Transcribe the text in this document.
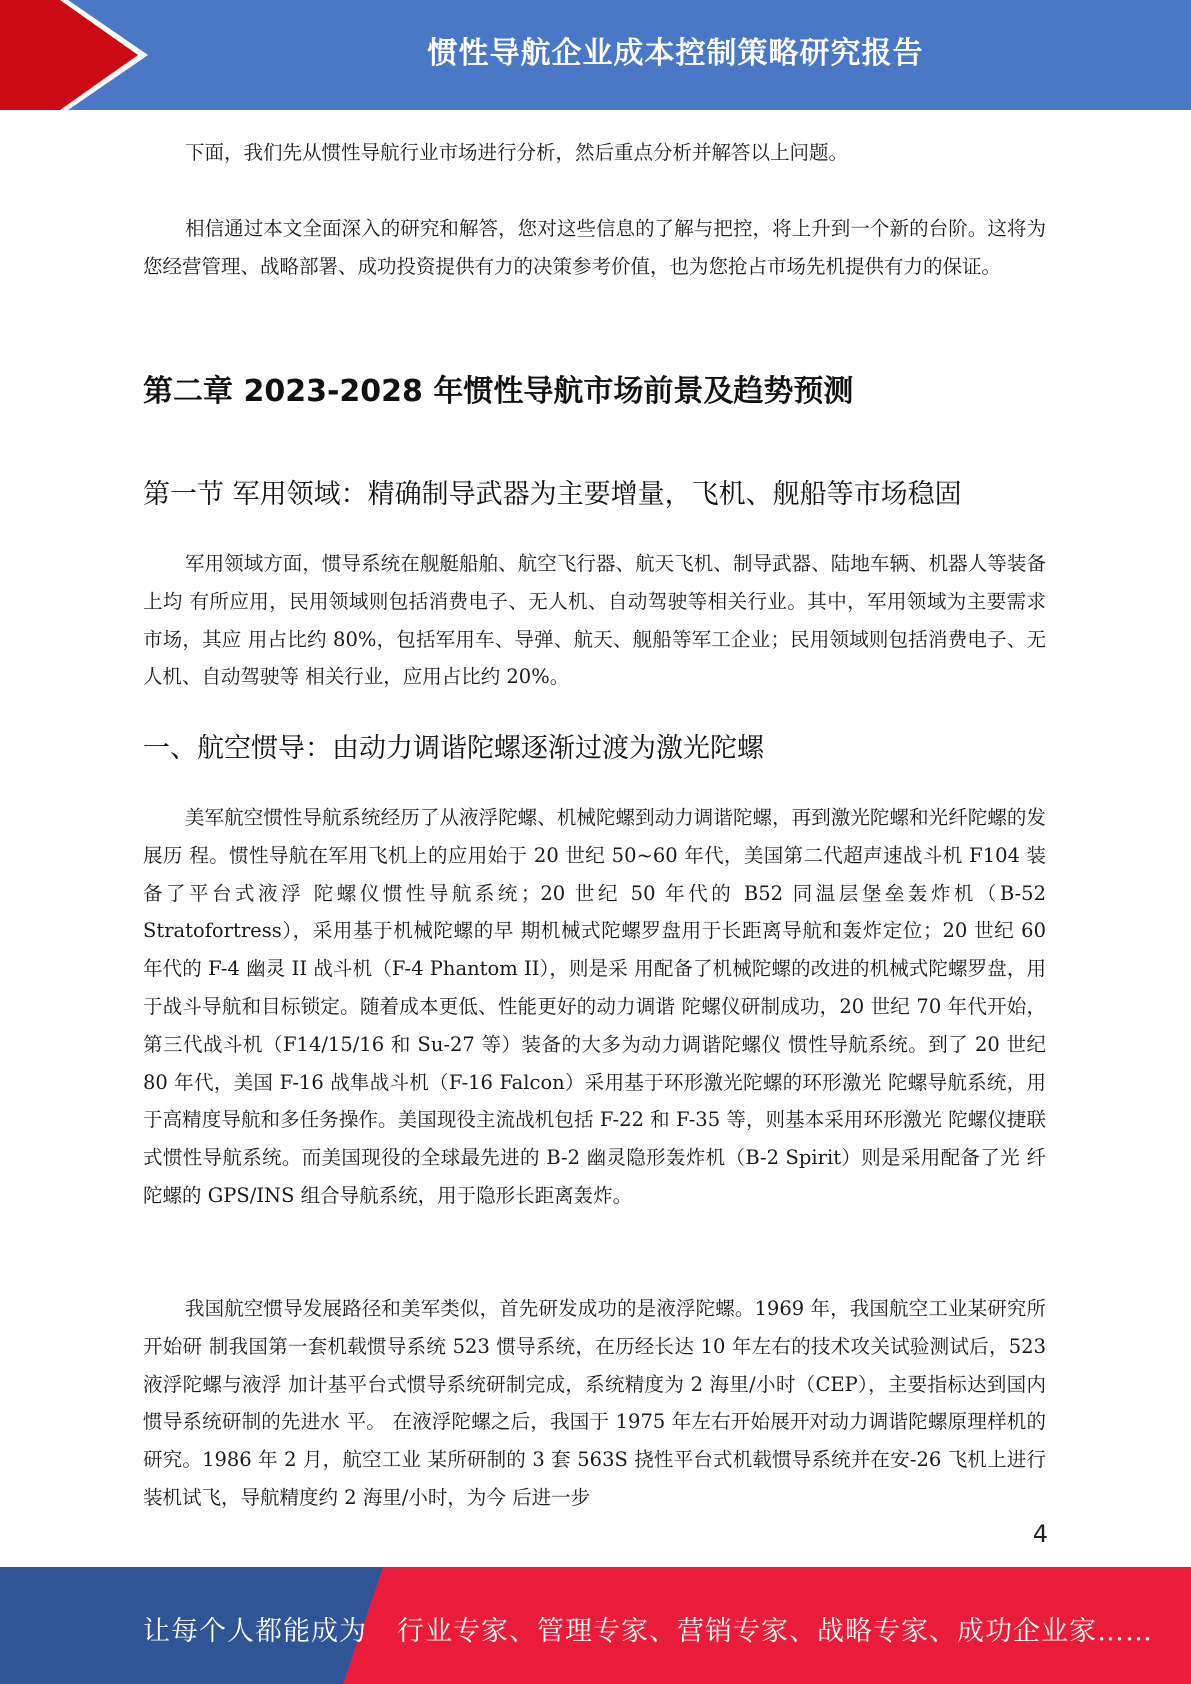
惯性导航企业成本控制策略研究报告

下面，我们先从惯性导航行业市场进行分析，然后重点分析并解答以上问题。

相信通过本文全面深入的研究和解答，您对这些信息的了解与把控，将上升到一个新的台阶。这将为您经营管理、战略部署、成功投资提供有力的决策参考价值，也为您抢占市场先机提供有力的保证。

第二章 2023-2028 年惯性导航市场前景及趋势预测
第一节 军用领域：精确制导武器为主要增量，飞机、舰船等市场稳固

军用领域方面，惯导系统在舰艇船舶、航空飞行器、航天飞机、制导武器、陆地车辆、机器人等装备上均 有所应用，民用领域则包括消费电子、无人机、自动驾驶等相关行业。其中，军用领域为主要需求市场，其应 用占比约 80%，包括军用车、导弹、航天、舰船等军工企业；民用领域则包括消费电子、无人机、自动驾驶等 相关行业，应用占比约 20%。

一、航空惯导：由动力调谐陀螺逐渐过渡为激光陀螺

美军航空惯性导航系统经历了从液浮陀螺、机械陀螺到动力调谐陀螺，再到激光陀螺和光纤陀螺的发展历 程。惯性导航在军用飞机上的应用始于 20 世纪 50~60 年代，美国第二代超声速战斗机 F104 装备了平台式液浮 陀螺仪惯性导航系统；20 世纪 50 年代的 B52 同温层堡垒轰炸机（B-52 Stratofortress），采用基于机械陀螺的早 期机械式陀螺罗盘用于长距离导航和轰炸定位；20 世纪 60 年代的 F-4 幽灵 II 战斗机（F-4 Phantom II），则是采 用配备了机械陀螺的改进的机械式陀螺罗盘，用于战斗导航和目标锁定。随着成本更低、性能更好的动力调谐 陀螺仪研制成功，20 世纪 70 年代开始，第三代战斗机（F14/15/16 和 Su-27 等）装备的大多为动力调谐陀螺仪 惯性导航系统。到了 20 世纪 80 年代，美国 F-16 战隼战斗机（F-16 Falcon）采用基于环形激光陀螺的环形激光 陀螺导航系统，用于高精度导航和多任务操作。美国现役主流战机包括 F-22 和 F-35 等，则基本采用环形激光 陀螺仪捷联式惯性导航系统。而美国现役的全球最先进的 B-2 幽灵隐形轰炸机（B-2 Spirit）则是采用配备了光 纤陀螺的 GPS/INS 组合导航系统，用于隐形长距离轰炸。

我国航空惯导发展路径和美军类似，首先研发成功的是液浮陀螺。1969 年，我国航空工业某研究所开始研 制我国第一套机载惯导系统 523 惯导系统，在历经长达 10 年左右的技术攻关试验测试后，523 液浮陀螺与液浮 加计基平台式惯导系统研制完成，系统精度为 2 海里/小时（CEP），主要指标达到国内惯导系统研制的先进水 平。 在液浮陀螺之后，我国于 1975 年左右开始展开对动力调谐陀螺原理样机的研究。1986 年 2 月，航空工业 某所研制的 3 套 563S 挠性平台式机载惯导系统并在安-26 飞机上进行装机试飞，导航精度约 2 海里/小时，为今 后进一步

4
让每个人都能成为 行业专家、管理专家、营销专家、战略专家、成功企业家……
